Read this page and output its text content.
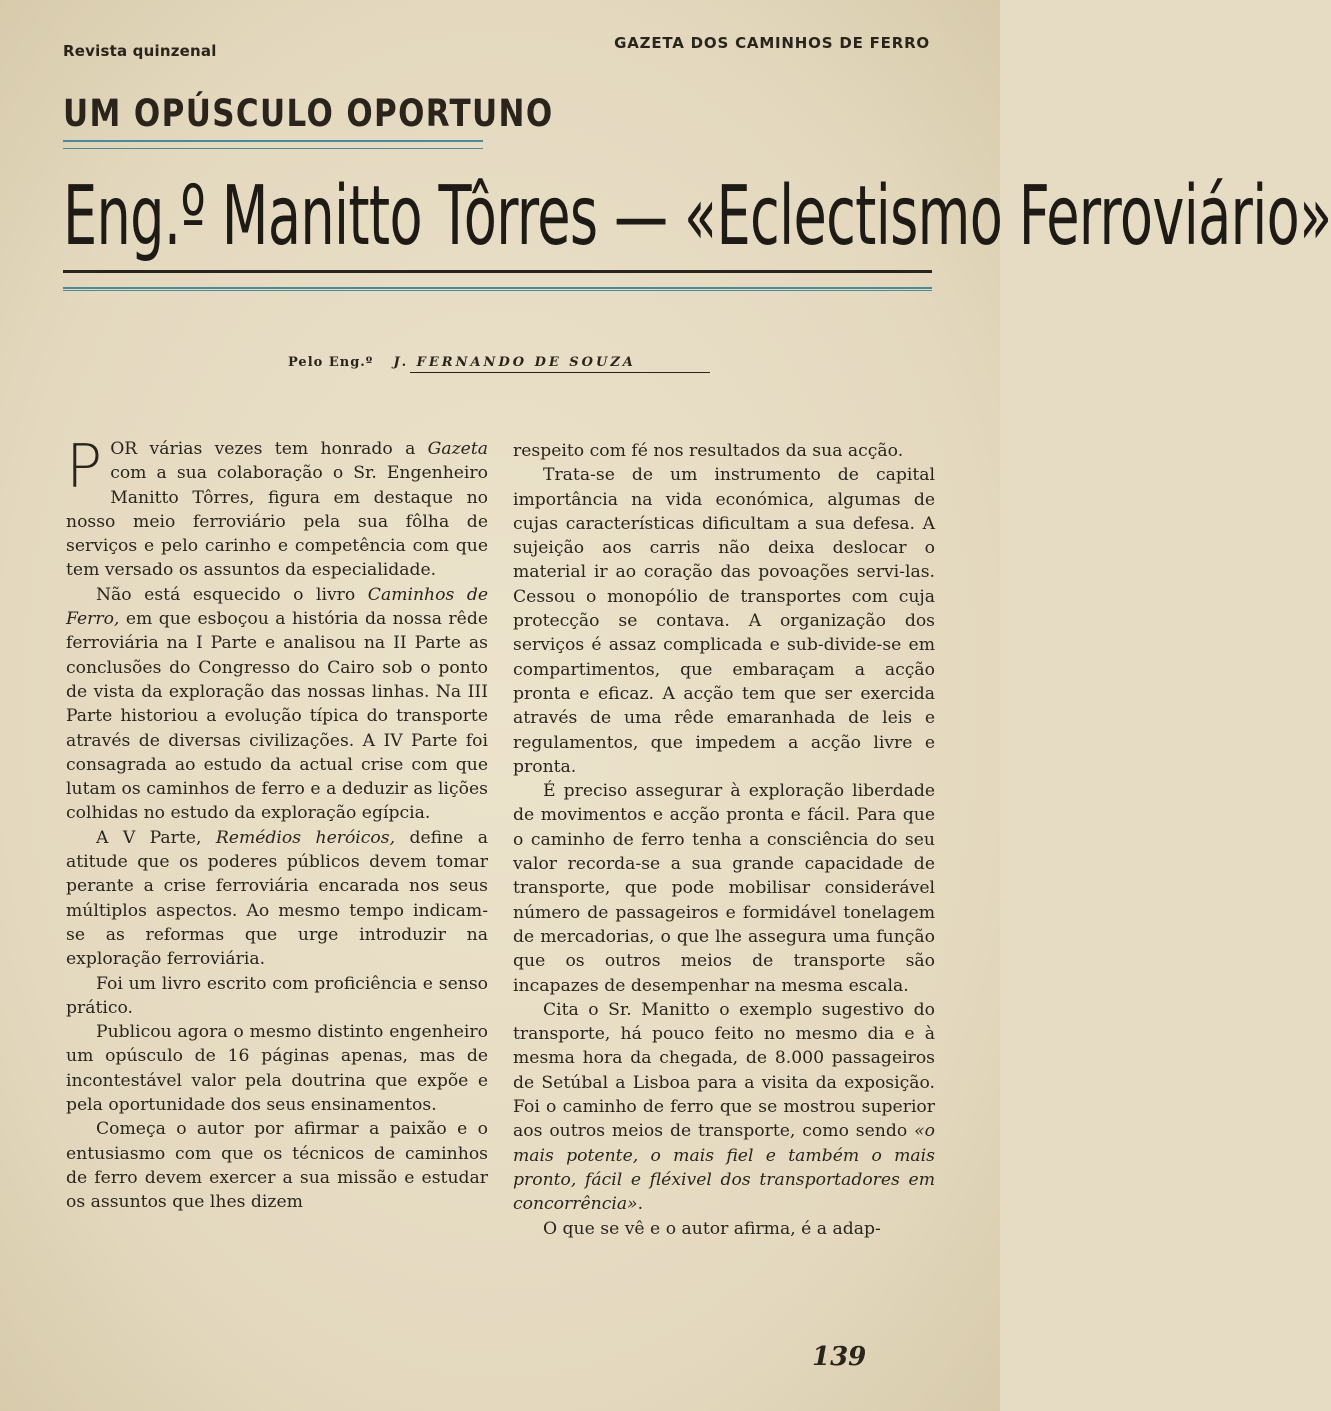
Revista quinzenal	GAZETA DOS CAMINHOS DE FERRO
UM OPÚSCULO OPORTUNO
Eng.º Manitto Tôrres — «Eclectismo Ferroviário»
Pelo Eng.º J. FERNANDO DE SOUZA

POR várias vezes tem honrado a Gazeta com a sua colaboração o Sr. Engenheiro Manitto Tôrres, figura em destaque no nosso meio ferroviário pela sua fôlha de serviços e pelo carinho e competência com que tem versado os assuntos da especialidade.

Não está esquecido o livro Caminhos de Ferro, em que esboçou a história da nossa rêde ferroviária na I Parte e analisou na II Parte as conclusões do Congresso do Cairo sob o ponto de vista da exploração das nossas linhas. Na III Parte historiou a evolução típica do transporte através de diversas civilizações. A IV Parte foi consagrada ao estudo da actual crise com que lutam os caminhos de ferro e a deduzir as lições colhidas no estudo da exploração egípcia.

A V Parte, Remédios heróicos, define a atitude que os poderes públicos devem tomar perante a crise ferroviária encarada nos seus múltiplos aspectos. Ao mesmo tempo indicam-se as reformas que urge introduzir na exploração ferroviária.

Foi um livro escrito com proficiência e senso prático.

Publicou agora o mesmo distinto engenheiro um opúsculo de 16 páginas apenas, mas de incontestável valor pela doutrina que expõe e pela oportunidade dos seus ensinamentos.

Começa o autor por afirmar a paixão e o entusiasmo com que os técnicos de caminhos de ferro devem exercer a sua missão e estudar os assuntos que lhes dizem

respeito com fé nos resultados da sua acção.

Trata-se de um instrumento de capital importância na vida económica, algumas de cujas características dificultam a sua defesa. A sujeição aos carris não deixa deslocar o material ir ao coração das povoações servi-las. Cessou o monopólio de transportes com cuja protecção se contava. A organização dos serviços é assaz complicada e sub-divide-se em compartimentos, que embaraçam a acção pronta e eficaz. A acção tem que ser exercida através de uma rêde emaranhada de leis e regulamentos, que impedem a acção livre e pronta.

É preciso assegurar à exploração liberdade de movimentos e acção pronta e fácil. Para que o caminho de ferro tenha a consciência do seu valor recorda-se a sua grande capacidade de transporte, que pode mobilisar considerável número de passageiros e formidável tonelagem de mercadorias, o que lhe assegura uma função que os outros meios de transporte são incapazes de desempenhar na mesma escala.

Cita o Sr. Manitto o exemplo sugestivo do transporte, há pouco feito no mesmo dia e à mesma hora da chegada, de 8.000 passageiros de Setúbal a Lisboa para a visita da exposição. Foi o caminho de ferro que se mostrou superior aos outros meios de transporte, como sendo «o mais potente, o mais fiel e também o mais pronto, fácil e fléxivel dos transportadores em concorrência».

O que se vê e o autor afirma, é a adap-

139
